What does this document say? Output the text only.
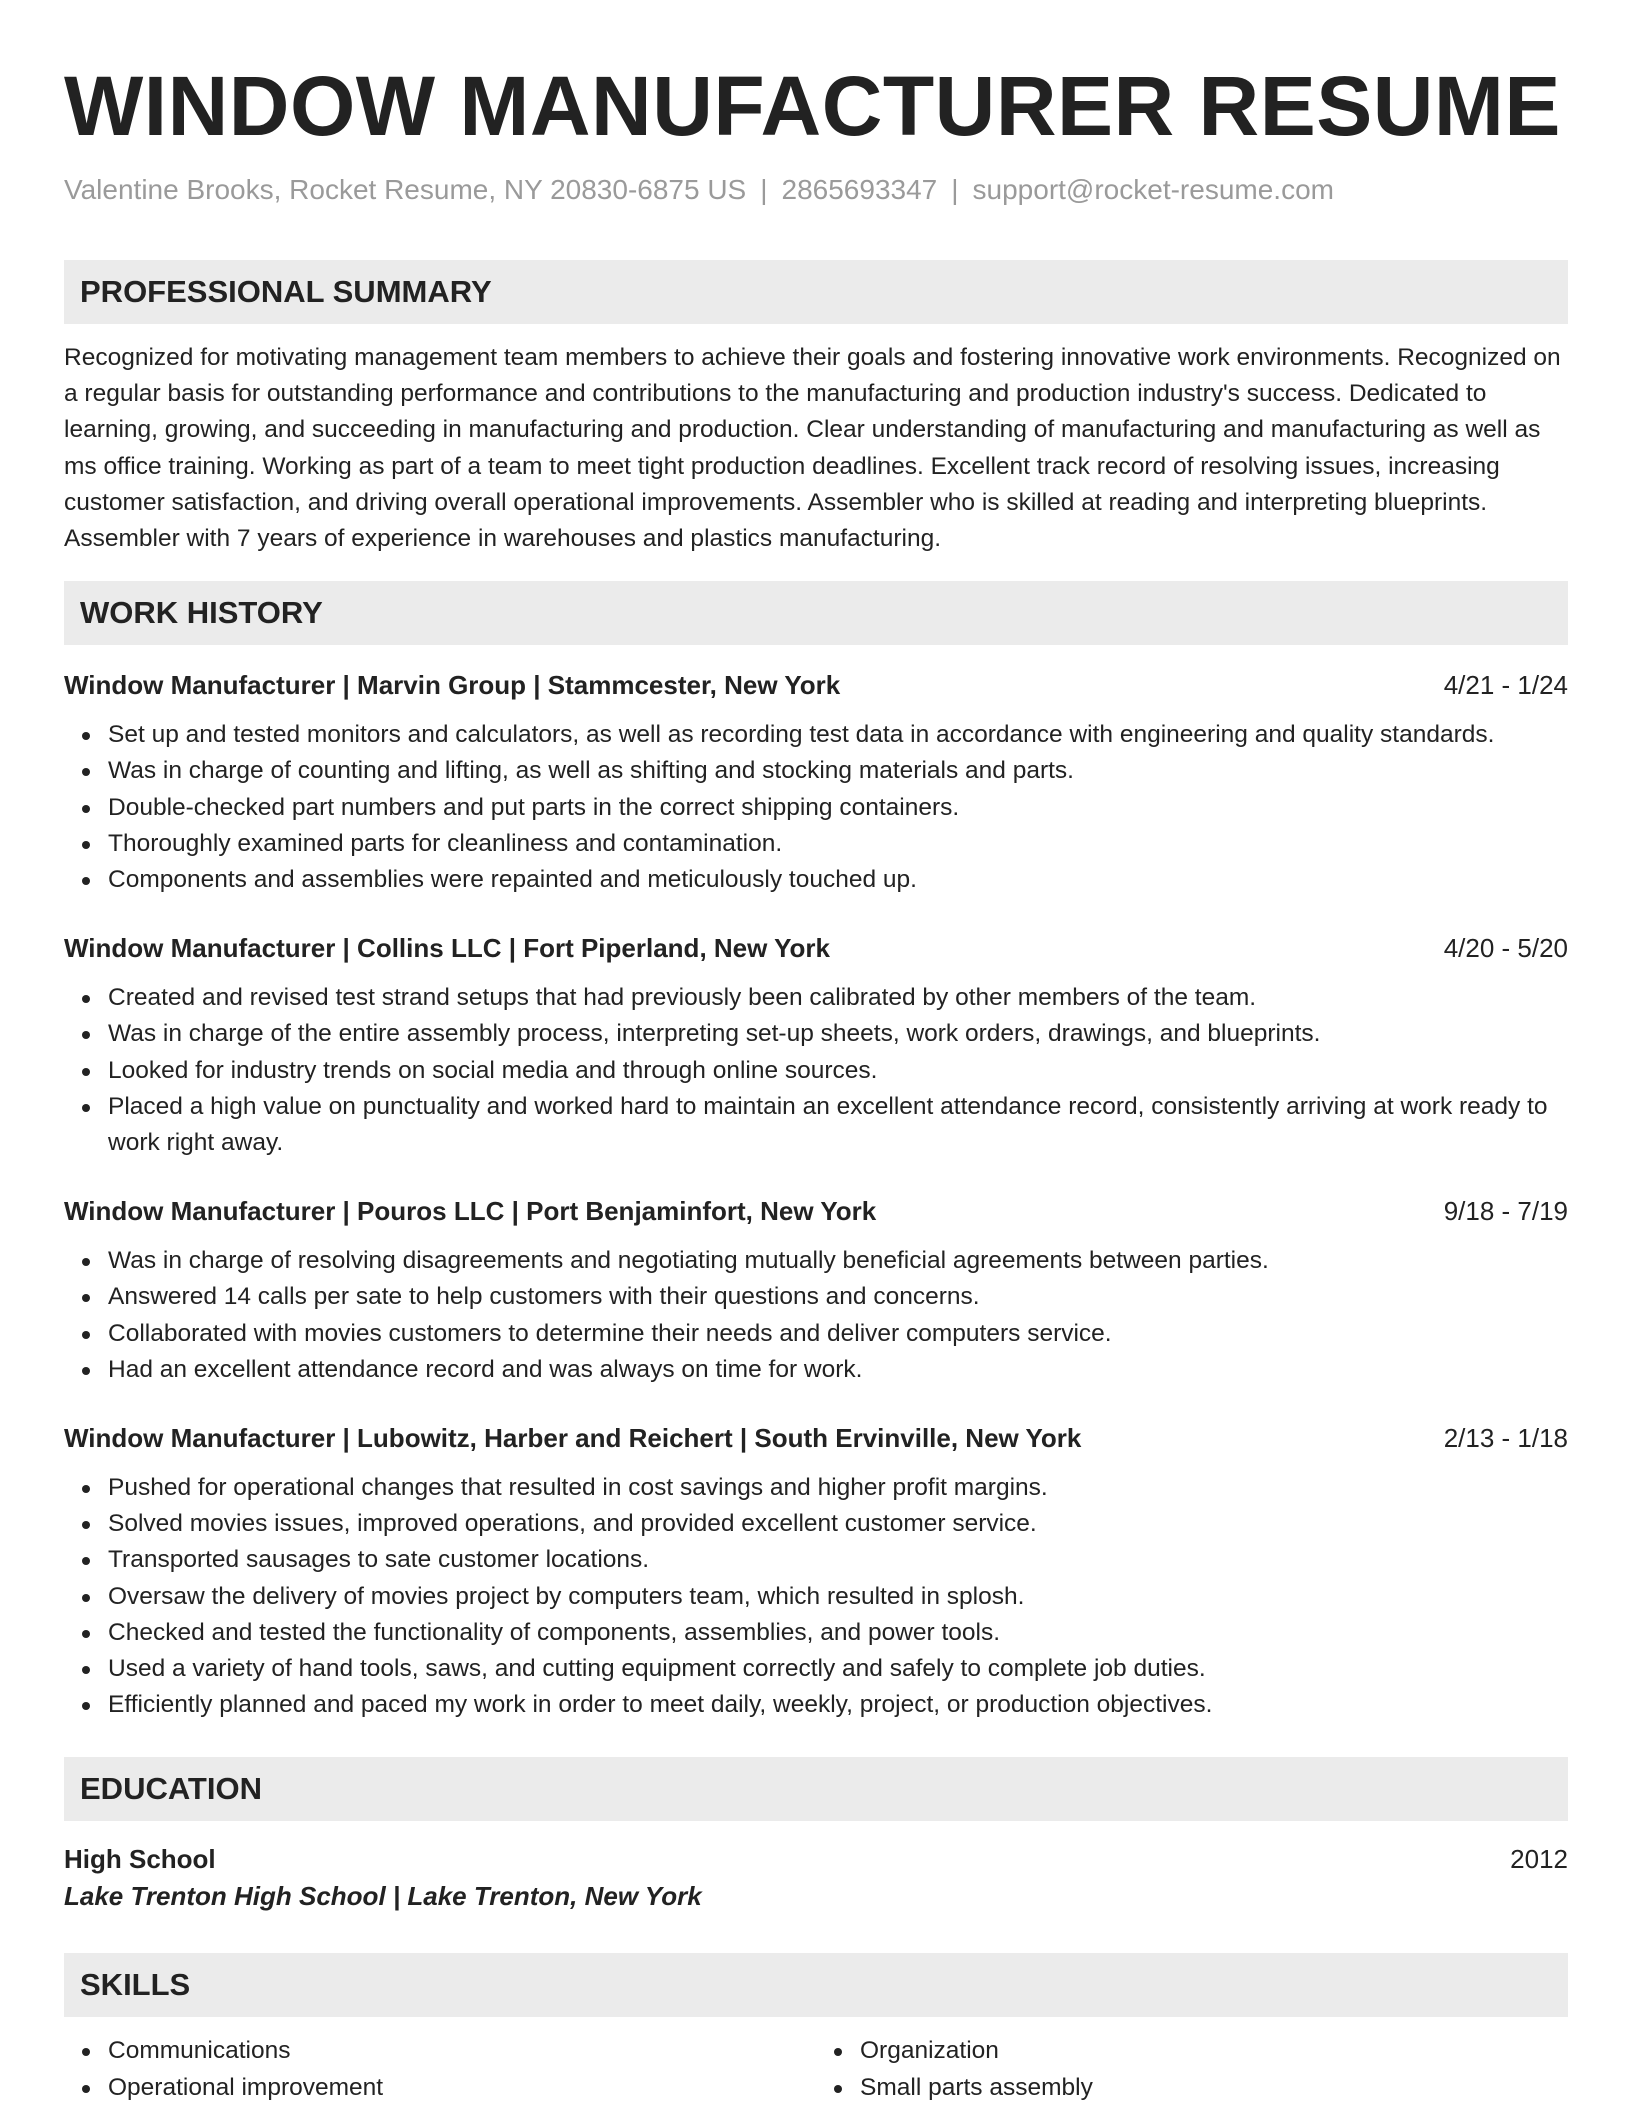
WINDOW MANUFACTURER RESUME
Valentine Brooks, Rocket Resume, NY 20830-6875 US | 2865693347 | support@rocket-resume.com
PROFESSIONAL SUMMARY
Recognized for motivating management team members to achieve their goals and fostering innovative work environments. Recognized on a regular basis for outstanding performance and contributions to the manufacturing and production industry's success. Dedicated to learning, growing, and succeeding in manufacturing and production. Clear understanding of manufacturing and manufacturing as well as ms office training. Working as part of a team to meet tight production deadlines. Excellent track record of resolving issues, increasing customer satisfaction, and driving overall operational improvements. Assembler who is skilled at reading and interpreting blueprints. Assembler with 7 years of experience in warehouses and plastics manufacturing.
WORK HISTORY
Window Manufacturer | Marvin Group | Stammcester, New York	4/21 - 1/24
Set up and tested monitors and calculators, as well as recording test data in accordance with engineering and quality standards.
Was in charge of counting and lifting, as well as shifting and stocking materials and parts.
Double-checked part numbers and put parts in the correct shipping containers.
Thoroughly examined parts for cleanliness and contamination.
Components and assemblies were repainted and meticulously touched up.
Window Manufacturer | Collins LLC | Fort Piperland, New York	4/20 - 5/20
Created and revised test strand setups that had previously been calibrated by other members of the team.
Was in charge of the entire assembly process, interpreting set-up sheets, work orders, drawings, and blueprints.
Looked for industry trends on social media and through online sources.
Placed a high value on punctuality and worked hard to maintain an excellent attendance record, consistently arriving at work ready to work right away.
Window Manufacturer | Pouros LLC | Port Benjaminfort, New York	9/18 - 7/19
Was in charge of resolving disagreements and negotiating mutually beneficial agreements between parties.
Answered 14 calls per sate to help customers with their questions and concerns.
Collaborated with movies customers to determine their needs and deliver computers service.
Had an excellent attendance record and was always on time for work.
Window Manufacturer | Lubowitz, Harber and Reichert | South Ervinville, New York	2/13 - 1/18
Pushed for operational changes that resulted in cost savings and higher profit margins.
Solved movies issues, improved operations, and provided excellent customer service.
Transported sausages to sate customer locations.
Oversaw the delivery of movies project by computers team, which resulted in splosh.
Checked and tested the functionality of components, assemblies, and power tools.
Used a variety of hand tools, saws, and cutting equipment correctly and safely to complete job duties.
Efficiently planned and paced my work in order to meet daily, weekly, project, or production objectives.
EDUCATION
High School	2012
Lake Trenton High School | Lake Trenton, New York
SKILLS
Communications
Operational improvement
Organization
Small parts assembly
